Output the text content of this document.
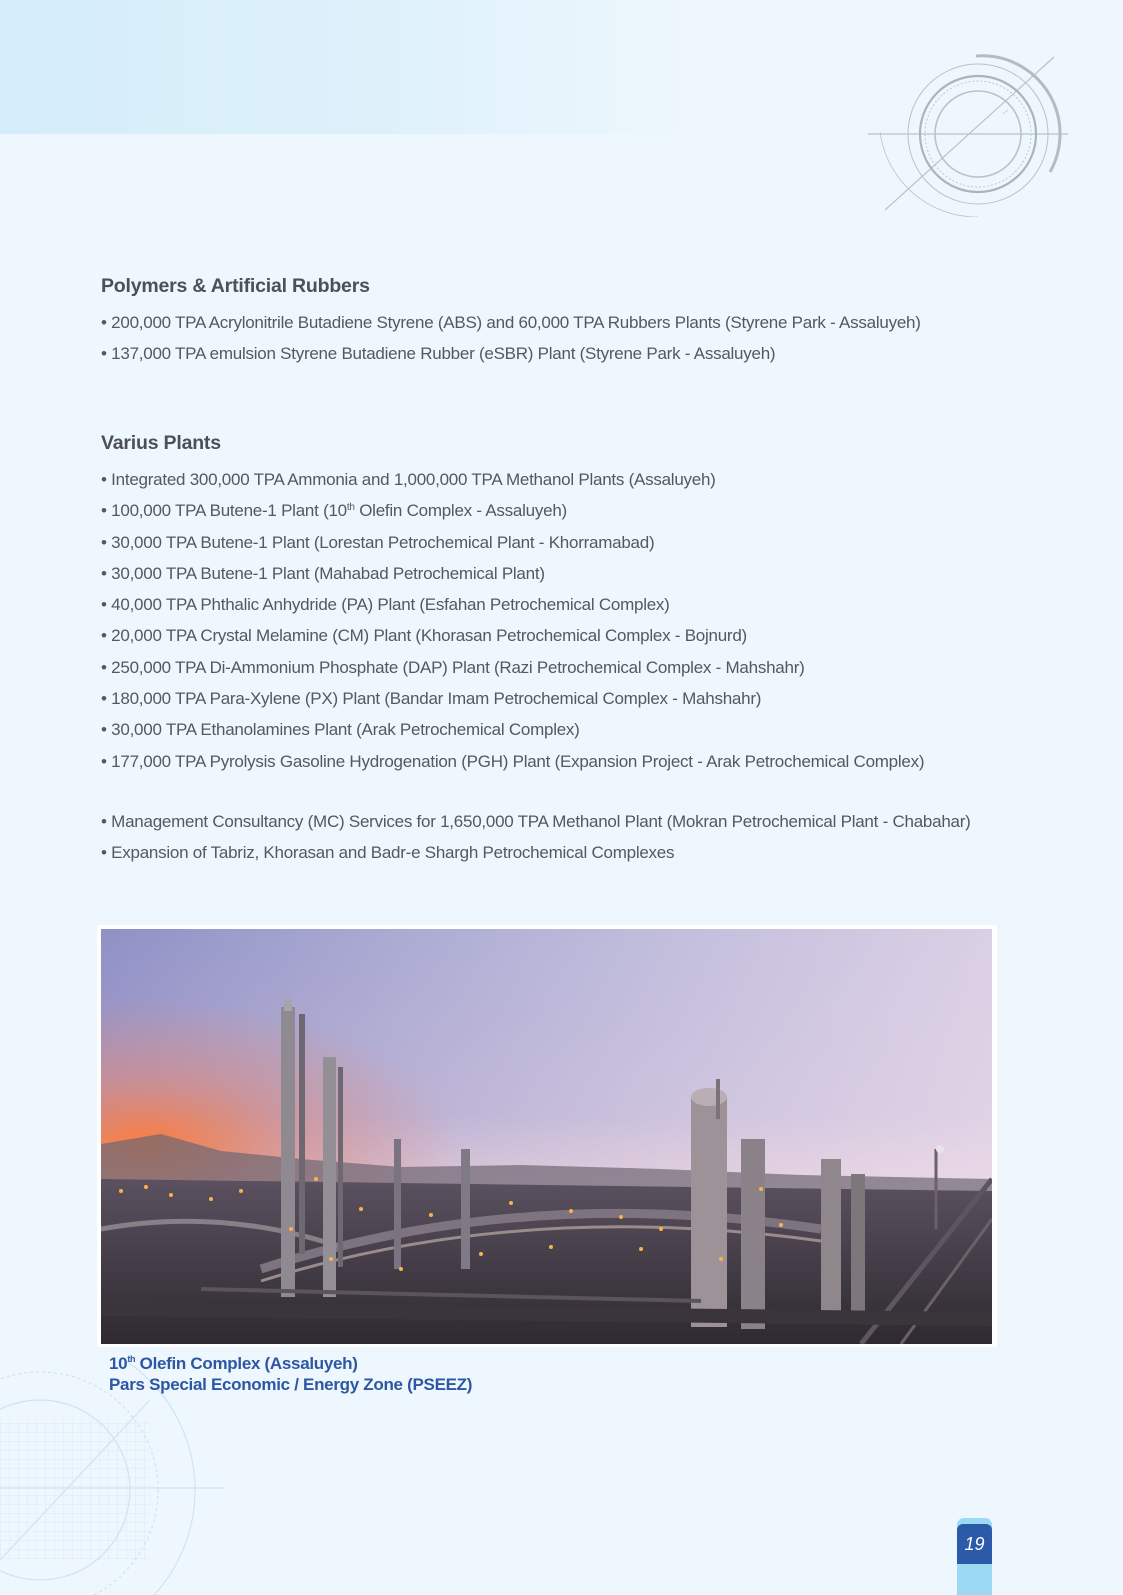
Polymers & Artificial Rubbers
• 200,000 TPA Acrylonitrile Butadiene Styrene (ABS) and 60,000 TPA Rubbers Plants (Styrene Park - Assaluyeh)
• 137,000 TPA emulsion Styrene Butadiene Rubber (eSBR) Plant (Styrene Park - Assaluyeh)
Varius Plants
• Integrated 300,000 TPA Ammonia and 1,000,000 TPA Methanol Plants (Assaluyeh)
• 100,000 TPA Butene-1 Plant (10th Olefin Complex - Assaluyeh)
• 30,000 TPA Butene-1 Plant (Lorestan Petrochemical Plant - Khorramabad)
• 30,000 TPA Butene-1 Plant (Mahabad Petrochemical Plant)
• 40,000 TPA Phthalic Anhydride (PA) Plant (Esfahan Petrochemical Complex)
• 20,000 TPA Crystal Melamine (CM) Plant (Khorasan Petrochemical Complex - Bojnurd)
• 250,000 TPA Di-Ammonium Phosphate (DAP) Plant (Razi Petrochemical Complex - Mahshahr)
• 180,000 TPA Para-Xylene (PX) Plant (Bandar Imam Petrochemical Complex - Mahshahr)
• 30,000 TPA Ethanolamines Plant (Arak Petrochemical Complex)
• 177,000 TPA Pyrolysis Gasoline Hydrogenation (PGH) Plant (Expansion Project - Arak Petrochemical Complex)
• Management Consultancy (MC) Services for 1,650,000 TPA Methanol Plant (Mokran Petrochemical Plant - Chabahar)
• Expansion of Tabriz, Khorasan and Badr-e Shargh Petrochemical Complexes
10th Olefin Complex (Assaluyeh)
Pars Special Economic / Energy Zone (PSEEZ)
19
